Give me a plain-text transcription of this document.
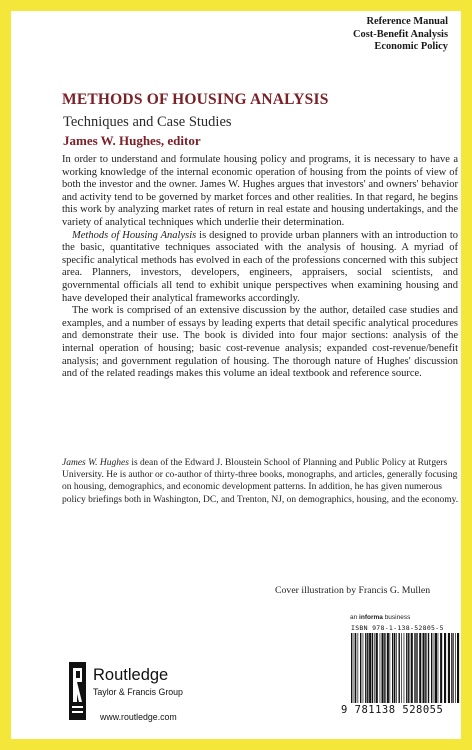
Reference Manual
Cost-Benefit Analysis
Economic Policy
METHODS OF HOUSING ANALYSIS
Techniques and Case Studies
James W. Hughes, editor

In order to understand and formulate housing policy and programs, it is necessary to have a working knowledge of the internal economic operation of housing from the points of view of both the investor and the owner. James W. Hughes argues that investors' and owners' behavior and activity tend to be governed by market forces and other realities. In that regard, he begins this work by analyzing market rates of return in real estate and housing undertakings, and the variety of analytical techniques which underlie their determination.

Methods of Housing Analysis is designed to provide urban planners with an introduction to the basic, quantitative techniques associated with the analysis of housing. A myriad of specific analytical methods has evolved in each of the professions concerned with this subject area. Planners, investors, developers, engineers, appraisers, social scientists, and governmental officials all tend to exhibit unique perspectives when examining housing and have developed their analytical frameworks accordingly.

The work is comprised of an extensive discussion by the author, detailed case studies and examples, and a number of essays by leading experts that detail specific analytical procedures and demonstrate their use. The book is divided into four major sections: analysis of the internal operation of housing; basic cost-revenue analysis; expanded cost-revenue/benefit analysis; and government regulation of housing. The thorough nature of Hughes' discussion and of the related readings makes this volume an ideal textbook and reference source.

James W. Hughes is dean of the Edward J. Bloustein School of Planning and Public Policy at Rutgers University. He is author or co-author of thirty-three books, monographs, and articles, generally focusing on housing, demographics, and economic development patterns. In addition, he has given numerous policy briefings both in Washington, DC, and Trenton, NJ, on demographics, housing, and the economy.

Cover illustration by Francis G. Mullen
an informa business
ISBN 978-1-138-52805-5
9 781138 528055
Routledge
Taylor & Francis Group
www.routledge.com
